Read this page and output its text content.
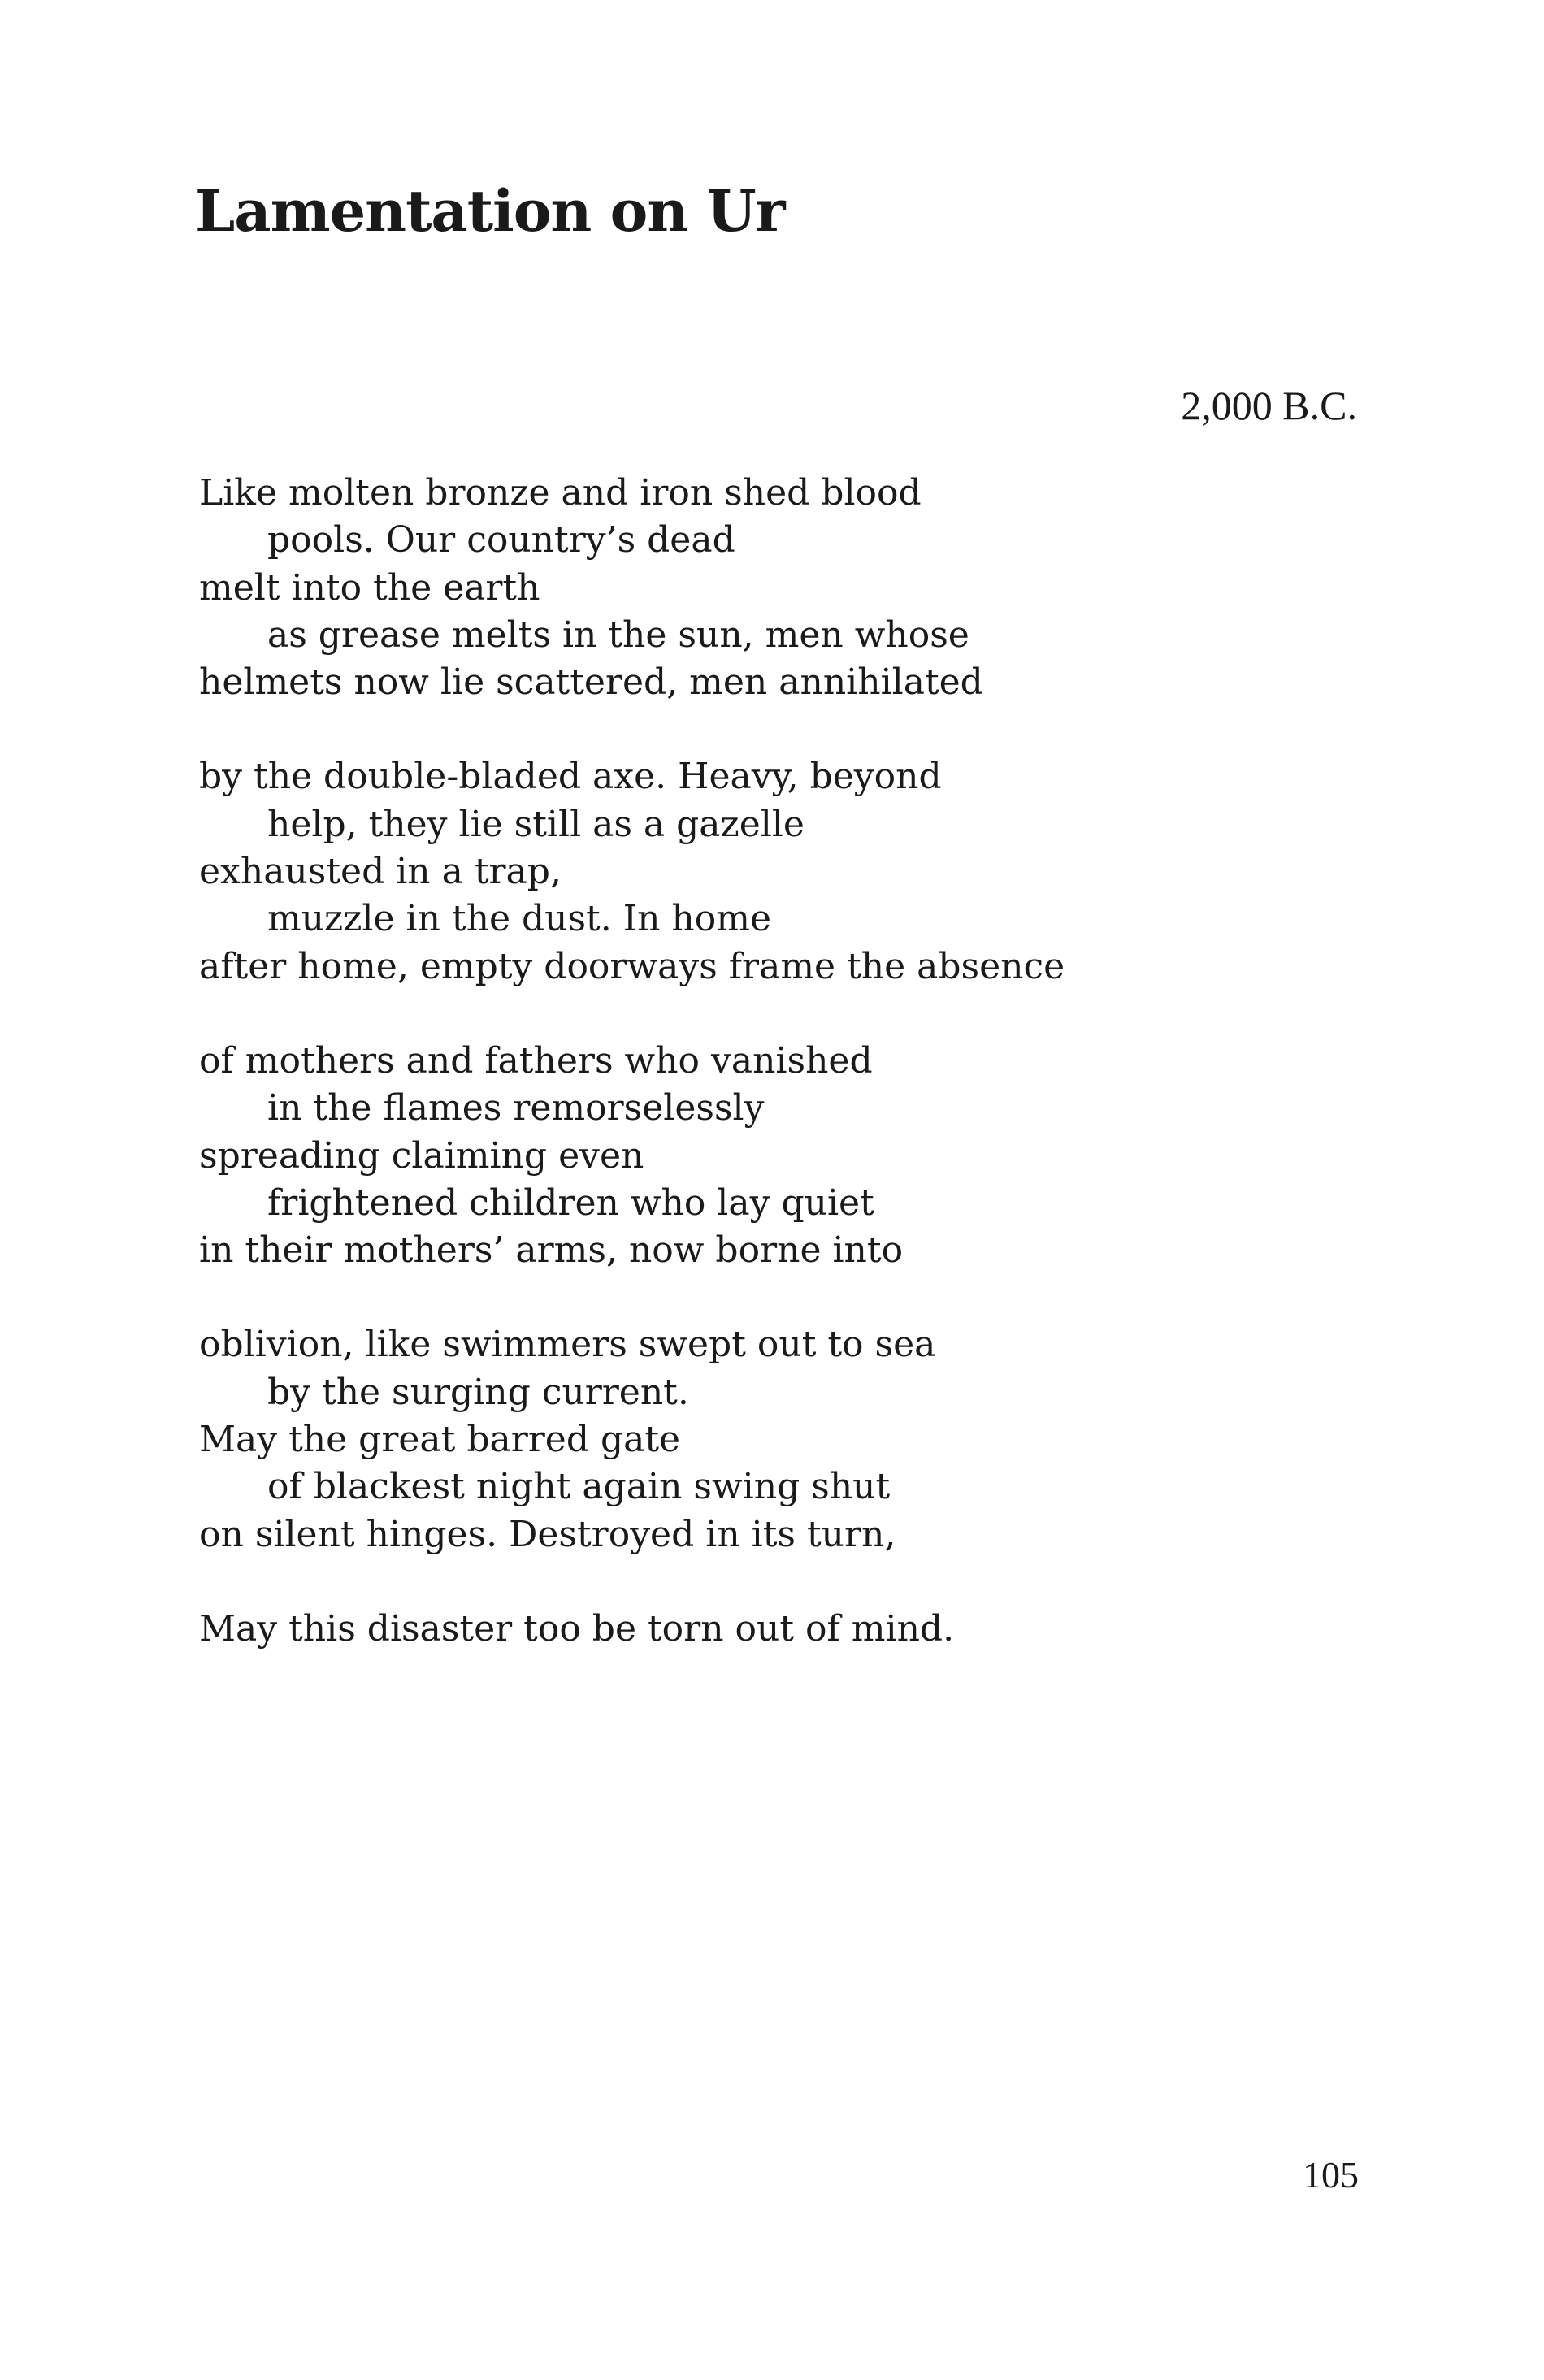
Lamentation on Ur
2,000 B.C.
Like molten bronze and iron shed blood
pools. Our country’s dead
melt into the earth
as grease melts in the sun, men whose
helmets now lie scattered, men annihilated
by the double-bladed axe. Heavy, beyond
help, they lie still as a gazelle
exhausted in a trap,
muzzle in the dust. In home
after home, empty doorways frame the absence
of mothers and fathers who vanished
in the flames remorselessly
spreading claiming even
frightened children who lay quiet
in their mothers’ arms, now borne into
oblivion, like swimmers swept out to sea
by the surging current.
May the great barred gate
of blackest night again swing shut
on silent hinges. Destroyed in its turn,
May this disaster too be torn out of mind.
105
